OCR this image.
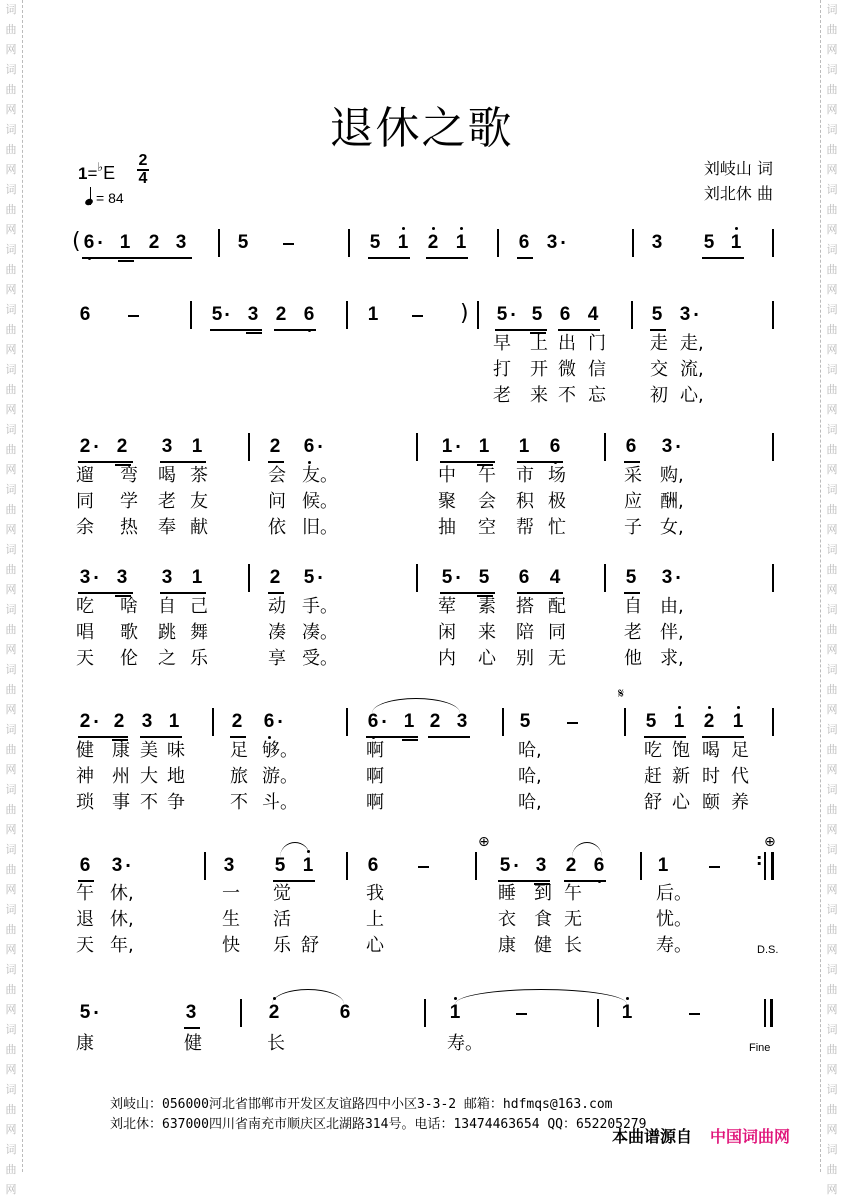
词
曲
网
词
曲
网
词
曲
网
词
曲
网
词
曲
网
词
曲
网
词
曲
网
词
曲
网
词
曲
网
词
曲
网
词
曲
网
词
曲
网
词
曲
网
词
曲
网
词
曲
网
词
曲
网
词
曲
网
词
曲
网
词
曲
网
词
曲
网
词
曲
网
词
曲
网
词
曲
网
词
曲
网
词
曲
网
词
曲
网
词
曲
网
词
曲
网
词
曲
网
词
曲
网
词
曲
网
词
曲
网
词
曲
网
词
曲
网
词
曲
网
词
曲
网
词
曲
网
词
曲
网
词
曲
网
词
曲
网
退休之歌
1=♭E
2
4
= 84
刘岐山 词
刘北休 曲
( 6 · 1 2 3	5	5 1 2 1	6 3 ·	3 5 1
6	5 · 3 2 6	1	) 5 · 5 6 4	5 3 ·
早 上 出 门 走 走,
打 开 微 信 交 流,
老 来 不 忘 初 心,
2 · 2 3 1	2 6 ·	1 · 1 1 6	6 3 ·
遛 弯 喝 茶	会 友。	中 午 市 场	采 购,
同 学 老 友	问 候。	聚 会 积 极	应 酬,
余 热 奉 献	依 旧。	抽 空 帮 忙	子 女,
3 · 3 3 1	2 5 ·	5 · 5 6 4	5 3 ·
吃 啥 自 己	动 手。	荤 素 搭 配	自 由,
唱 歌 跳 舞	凑 凑。	闲 来 陪 同	老 伴,
天 伦 之 乐	享 受。	内 心 别 无	他 求,
2 · 2 3 1	2 6 ·	6 · 1 2 3	5	5 1 2 1
𝄋
健 康 美 味	足 够。	啊	哈,	吃 饱 喝 足
神 州 大 地	旅 游。	啊	哈,	赶 新 时 代
琐 事 不 争	不 斗。	啊	哈,	舒 心 颐 养
6 3 ·	3 5 1	6	5 · 3 2 6	1	:
⊕	⊕
午 休,	一 觉	我	睡 到 午	后。
退 休,	生 活	上	衣 食 无	忧。
天 年,	快 乐 舒	心	康 健 长	寿。	D.S.
5 ·	3	2	6	1	1
康	健	长	寿。	Fine
刘岐山：056000河北省邯郸市开发区友谊路四中小区3-3-2 邮箱：hdfmqs@163.com
刘北休：637000四川省南充市顺庆区北湖路314号。电话：13474463654 QQ：652205279
本曲谱源自 中国词曲网
